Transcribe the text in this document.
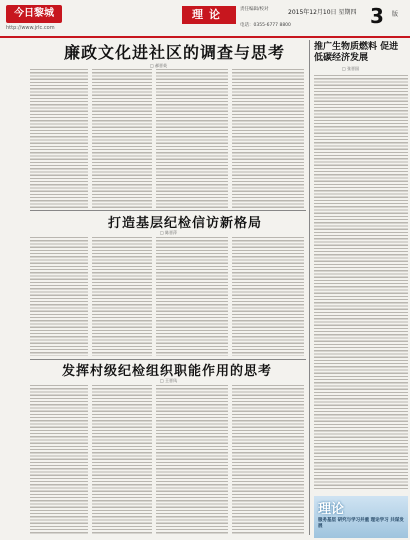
今日黎城
http://www.jrlc.com
理论	责任编辑/校对	2015年12月10日 星期四
电话：0355-6777 8800	3 版
廉政文化进社区的调查与思考
□ 郝晋英
打造基层纪检信访新格局
□ 陈晋萍
发挥村级纪检组织职能作用的思考
□ 王晋凤
推广生物质燃料 促进低碳经济发展
□ 张晋国
理论
服务基层 研究与学习并重 理论学习 共谋发展
